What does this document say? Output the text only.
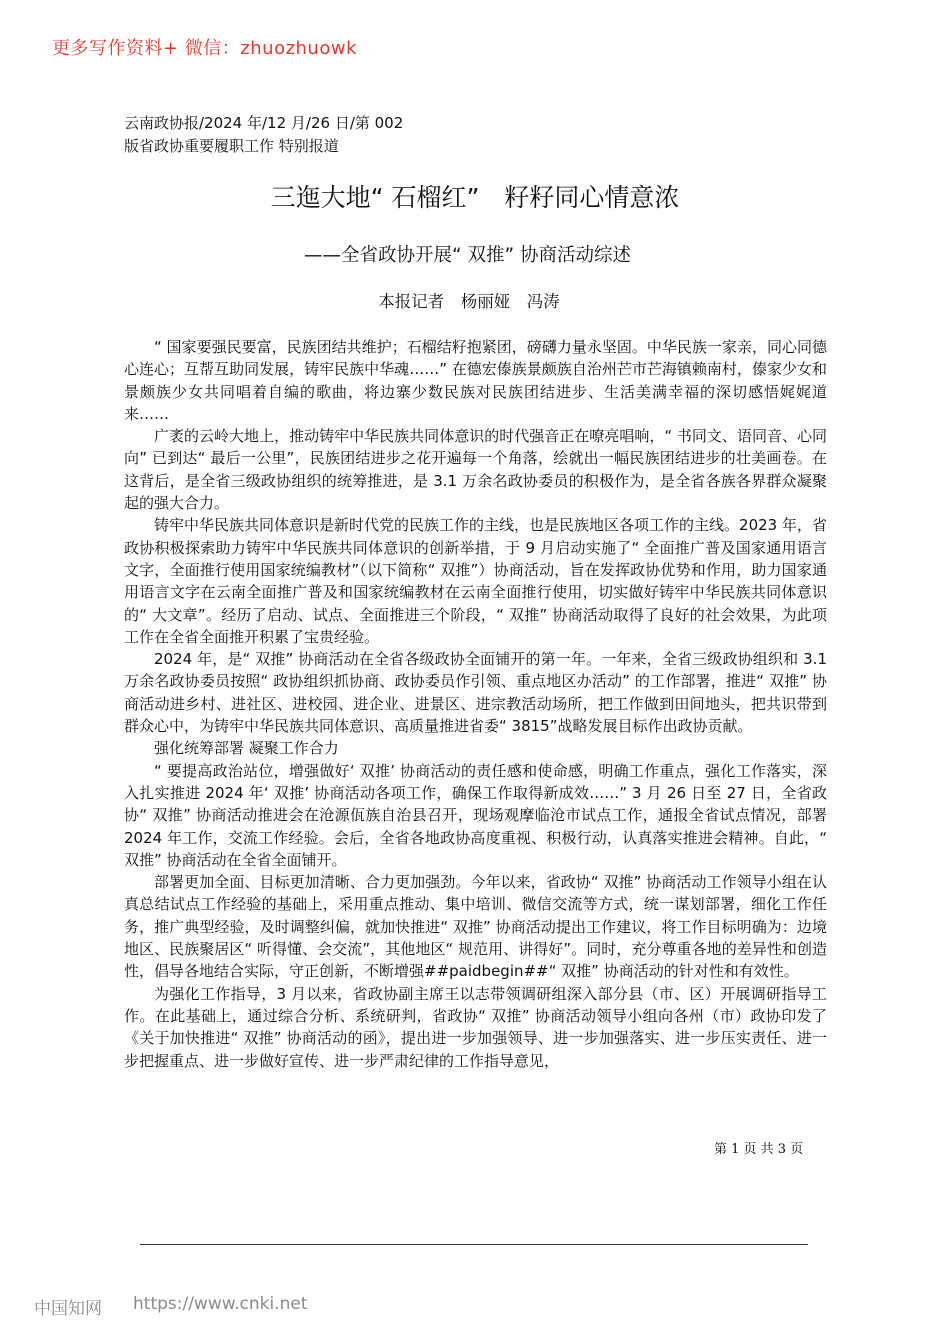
更多写作资料+ 微信：zhuozhuowk
云南政协报/2024 年/12 月/26 日/第 002
版省政协重要履职工作 特别报道
三迤大地“ 石榴红”　籽籽同心情意浓
——全省政协开展“ 双推” 协商活动综述
本报记者　杨丽娅　冯涛

“ 国家要强民要富，民族团结共维护；石榴结籽抱紧团，磅礴力量永坚固。中华民族一家亲，同心同德心连心；互帮互助同发展，铸牢民族中华魂……” 在德宏傣族景颇族自治州芒市芒海镇赖南村，傣家少女和景颇族少女共同唱着自编的歌曲，将边寨少数民族对民族团结进步、生活美满幸福的深切感悟娓娓道来……

广袤的云岭大地上，推动铸牢中华民族共同体意识的时代强音正在嘹亮唱响，“ 书同文、语同音、心同向” 已到达“ 最后一公里”，民族团结进步之花开遍每一个角落，绘就出一幅民族团结进步的壮美画卷。在这背后，是全省三级政协组织的统筹推进，是 3.1 万余名政协委员的积极作为，是全省各族各界群众凝聚起的强大合力。

铸牢中华民族共同体意识是新时代党的民族工作的主线，也是民族地区各项工作的主线。2023 年，省政协积极探索助力铸牢中华民族共同体意识的创新举措，于 9 月启动实施了“ 全面推广普及国家通用语言文字，全面推行使用国家统编教材”（以下简称“ 双推”）协商活动，旨在发挥政协优势和作用，助力国家通用语言文字在云南全面推广普及和国家统编教材在云南全面推行使用，切实做好铸牢中华民族共同体意识的“ 大文章”。经历了启动、试点、全面推进三个阶段，“ 双推” 协商活动取得了良好的社会效果，为此项工作在全省全面推开积累了宝贵经验。

2024 年，是“ 双推” 协商活动在全省各级政协全面铺开的第一年。一年来，全省三级政协组织和 3.1 万余名政协委员按照“ 政协组织抓协商、政协委员作引领、重点地区办活动” 的工作部署，推进“ 双推” 协商活动进乡村、进社区、进校园、进企业、进景区、进宗教活动场所，把工作做到田间地头，把共识带到群众心中，为铸牢中华民族共同体意识、高质量推进省委“ 3815”战略发展目标作出政协贡献。

强化统筹部署 凝聚工作合力

“ 要提高政治站位，增强做好‘ 双推’ 协商活动的责任感和使命感，明确工作重点，强化工作落实，深入扎实推进 2024 年‘ 双推’ 协商活动各项工作，确保工作取得新成效……” 3 月 26 日至 27 日，全省政协“ 双推” 协商活动推进会在沧源佤族自治县召开，现场观摩临沧市试点工作，通报全省试点情况，部署 2024 年工作，交流工作经验。会后，全省各地政协高度重视、积极行动，认真落实推进会精神。自此，“ 双推” 协商活动在全省全面铺开。

部署更加全面、目标更加清晰、合力更加强劲。今年以来，省政协“ 双推” 协商活动工作领导小组在认真总结试点工作经验的基础上，采用重点推动、集中培训、微信交流等方式，统一谋划部署，细化工作任务，推广典型经验，及时调整纠偏，就加快推进“ 双推” 协商活动提出工作建议，将工作目标明确为：边境地区、民族聚居区“ 听得懂、会交流”，其他地区“ 规范用、讲得好”。同时，充分尊重各地的差异性和创造性，倡导各地结合实际，守正创新，不断增强##paidbegin##“ 双推” 协商活动的针对性和有效性。

为强化工作指导，3 月以来，省政协副主席王以志带领调研组深入部分县（市、区）开展调研指导工作。在此基础上，通过综合分析、系统研判，省政协“ 双推” 协商活动领导小组向各州（市）政协印发了《关于加快推进“ 双推” 协商活动的函》，提出进一步加强领导、进一步加强落实、进一步压实责任、进一步把握重点、进一步做好宣传、进一步严肃纪律的工作指导意见，

第 1 页 共 3 页
中国知网 https://www.cnki.net
